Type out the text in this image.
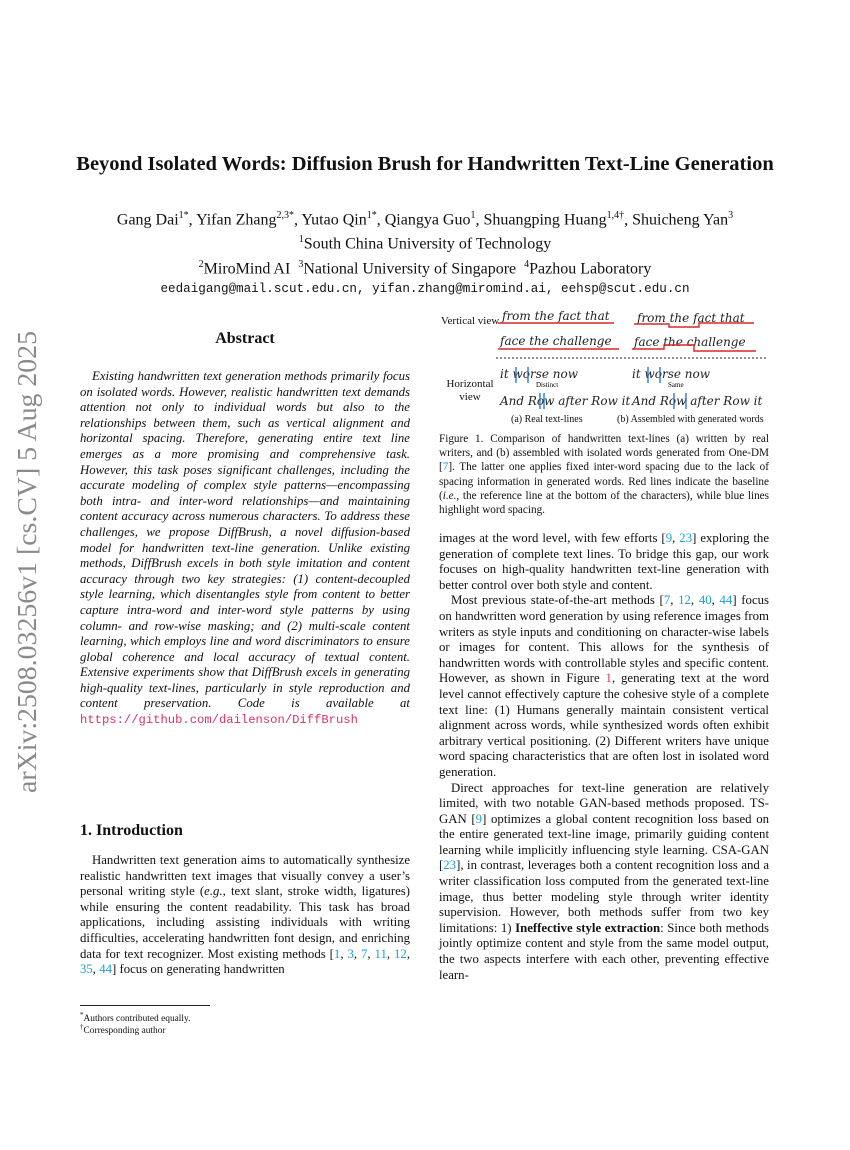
arXiv:2508.03256v1 [cs.CV] 5 Aug 2025
Beyond Isolated Words: Diffusion Brush for Handwritten Text-Line Generation
Gang Dai$^{1*}$, Yifan Zhang$^{2,3*}$, Yutao Qin$^{1*}$, Qiangya Guo$^1$, Shuangping Huang$^{1,4\dagger}$, Shuicheng Yan$^3$
$^1$South China University of Technology
$^2$MiroMind AI $^3$National University of Singapore $^4$Pazhou Laboratory
eedaigang@mail.scut.edu.cn, yifan.zhang@miromind.ai, eehsp@scut.edu.cn
Abstract
Existing handwritten text generation methods primarily focus on isolated words. However, realistic handwritten text demands attention not only to individual words but also to the relationships between them, such as vertical alignment and horizontal spacing. Therefore, generating entire text line emerges as a more promising and comprehensive task. However, this task poses significant challenges, including the accurate modeling of complex style patterns—encompassing both intra- and inter-word relationships—and maintaining content accuracy across numerous characters. To address these challenges, we propose DiffBrush, a novel diffusion-based model for handwritten text-line generation. Unlike existing methods, DiffBrush excels in both style imitation and content accuracy through two key strategies: (1) content-decoupled style learning, which disentangles style from content to better capture intra-word and inter-word style patterns by using column- and row-wise masking; and (2) multi-scale content learning, which employs line and word discriminators to ensure global coherence and local accuracy of textual content. Extensive experiments show that DiffBrush excels in generating high-quality text-lines, particularly in style reproduction and content preservation. Code is available at https://github.com/dailenson/DiffBrush
1. Introduction
Handwritten text generation aims to automatically synthesize realistic handwritten text images that visually convey a user’s personal writing style (e.g., text slant, stroke width, ligatures) while ensuring the content readability. This task has broad applications, including assisting individuals with writing difficulties, accelerating handwritten font design, and enriching data for text recognizer. Most existing methods [1, 3, 7, 11, 12, 35, 44] focus on generating handwritten
*Authors contributed equally.
†Corresponding author
Vertical view
Horizontal view
from the fact that
face the challenge
from the fact that
face the challenge
it worse now
Distinct
And Row after Row it
it worse now
Same
And Row after Row it
(a) Real text-lines	(b) Assembled with generated words
Figure 1. Comparison of handwritten text-lines (a) written by real writers, and (b) assembled with isolated words generated from One-DM [7]. The latter one applies fixed inter-word spacing due to the lack of spacing information in generated words. Red lines indicate the baseline (i.e., the reference line at the bottom of the characters), while blue lines highlight word spacing.

images at the word level, with few efforts [9, 23] exploring the generation of complete text lines. To bridge this gap, our work focuses on high-quality handwritten text-line generation with better control over both style and content.

Most previous state-of-the-art methods [7, 12, 40, 44] focus on handwritten word generation by using reference images from writers as style inputs and conditioning on character-wise labels or images for content. This allows for the synthesis of handwritten words with controllable styles and specific content. However, as shown in Figure 1, generating text at the word level cannot effectively capture the cohesive style of a complete text line: (1) Humans generally maintain consistent vertical alignment across words, while synthesized words often exhibit arbitrary vertical positioning. (2) Different writers have unique word spacing characteristics that are often lost in isolated word generation.

Direct approaches for text-line generation are relatively limited, with two notable GAN-based methods proposed. TS-GAN [9] optimizes a global content recognition loss based on the entire generated text-line image, primarily guiding content learning while implicitly influencing style learning. CSA-GAN [23], in contrast, leverages both a content recognition loss and a writer classification loss computed from the generated text-line image, thus better modeling style through writer identity supervision. However, both methods suffer from two key limitations: 1) Ineffective style extraction: Since both methods jointly optimize content and style from the same model output, the two aspects interfere with each other, preventing effective learn-
